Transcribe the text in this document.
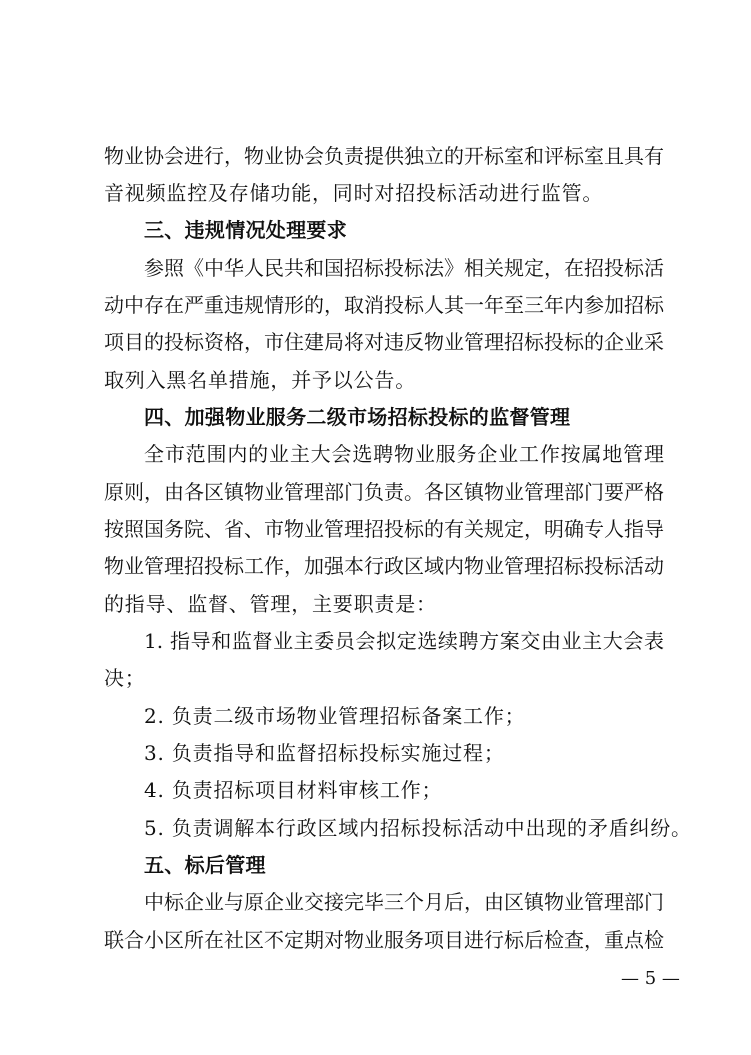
物业协会进行，物业协会负责提供独立的开标室和评标室且具有
音视频监控及存储功能，同时对招投标活动进行监管。
三、违规情况处理要求
参照《中华人民共和国招标投标法》相关规定，在招投标活
动中存在严重违规情形的，取消投标人其一年至三年内参加招标
项目的投标资格，市住建局将对违反物业管理招标投标的企业采
取列入黑名单措施，并予以公告。
四、加强物业服务二级市场招标投标的监督管理
全市范围内的业主大会选聘物业服务企业工作按属地管理
原则，由各区镇物业管理部门负责。各区镇物业管理部门要严格
按照国务院、省、市物业管理招投标的有关规定，明确专人指导
物业管理招投标工作，加强本行政区域内物业管理招标投标活动
的指导、监督、管理，主要职责是：
1. 指导和监督业主委员会拟定选续聘方案交由业主大会表
决；
2. 负责二级市场物业管理招标备案工作；
3. 负责指导和监督招标投标实施过程；
4. 负责招标项目材料审核工作；
5. 负责调解本行政区域内招标投标活动中出现的矛盾纠纷。
五、标后管理
中标企业与原企业交接完毕三个月后，由区镇物业管理部门
联合小区所在社区不定期对物业服务项目进行标后检查，重点检
— 5 —
